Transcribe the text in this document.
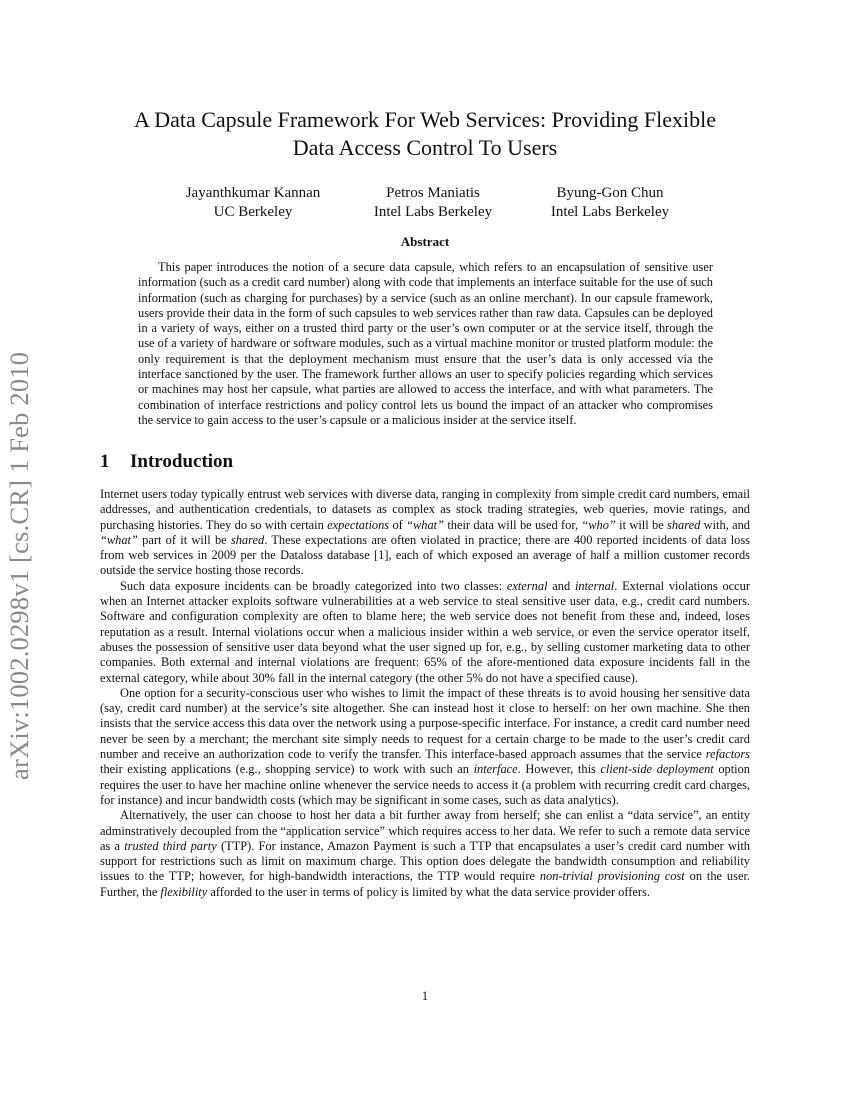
arXiv:1002.0298v1 [cs.CR] 1 Feb 2010
A Data Capsule Framework For Web Services: Providing Flexible
Data Access Control To Users
Jayanthkumar Kannan
UC Berkeley
Petros Maniatis
Intel Labs Berkeley
Byung-Gon Chun
Intel Labs Berkeley
Abstract

This paper introduces the notion of a secure data capsule, which refers to an encapsulation of sensitive user information (such as a credit card number) along with code that implements an interface suitable for the use of such information (such as charging for purchases) by a service (such as an online merchant). In our capsule framework, users provide their data in the form of such capsules to web services rather than raw data. Capsules can be deployed in a variety of ways, either on a trusted third party or the user’s own computer or at the service itself, through the use of a variety of hardware or software modules, such as a virtual machine monitor or trusted platform module: the only requirement is that the deployment mechanism must ensure that the user’s data is only accessed via the interface sanctioned by the user. The framework further allows an user to specify policies regarding which services or machines may host her capsule, what parties are allowed to access the interface, and with what parameters. The combination of interface restrictions and policy control lets us bound the impact of an attacker who compromises the service to gain access to the user’s capsule or a malicious insider at the service itself.

1 Introduction

Internet users today typically entrust web services with diverse data, ranging in complexity from simple credit card numbers, email addresses, and authentication credentials, to datasets as complex as stock trading strategies, web queries, movie ratings, and purchasing histories. They do so with certain expectations of “what” their data will be used for, “who” it will be shared with, and “what” part of it will be shared. These expectations are often violated in practice; there are 400 reported incidents of data loss from web services in 2009 per the Dataloss database [1], each of which exposed an average of half a million customer records outside the service hosting those records.

Such data exposure incidents can be broadly categorized into two classes: external and internal. External violations occur when an Internet attacker exploits software vulnerabilities at a web service to steal sensitive user data, e.g., credit card numbers. Software and configuration complexity are often to blame here; the web service does not benefit from these and, indeed, loses reputation as a result. Internal violations occur when a malicious insider within a web service, or even the service operator itself, abuses the possession of sensitive user data beyond what the user signed up for, e.g., by selling customer marketing data to other companies. Both external and internal violations are frequent: 65% of the afore-mentioned data exposure incidents fall in the external category, while about 30% fall in the internal category (the other 5% do not have a specified cause).

One option for a security-conscious user who wishes to limit the impact of these threats is to avoid housing her sensitive data (say, credit card number) at the service’s site altogether. She can instead host it close to herself: on her own machine. She then insists that the service access this data over the network using a purpose-specific interface. For instance, a credit card number need never be seen by a merchant; the merchant site simply needs to request for a certain charge to be made to the user’s credit card number and receive an authorization code to verify the transfer. This interface-based approach assumes that the service refactors their existing applications (e.g., shopping service) to work with such an interface. However, this client-side deployment option requires the user to have her machine online whenever the service needs to access it (a problem with recurring credit card charges, for instance) and incur bandwidth costs (which may be significant in some cases, such as data analytics).

Alternatively, the user can choose to host her data a bit further away from herself; she can enlist a “data service”, an entity adminstratively decoupled from the “application service” which requires access to her data. We refer to such a remote data service as a trusted third party (TTP). For instance, Amazon Payment is such a TTP that encapsulates a user’s credit card number with support for restrictions such as limit on maximum charge. This option does delegate the bandwidth consumption and reliability issues to the TTP; however, for high-bandwidth interactions, the TTP would require non-trivial provisioning cost on the user. Further, the flexibility afforded to the user in terms of policy is limited by what the data service provider offers.

1
